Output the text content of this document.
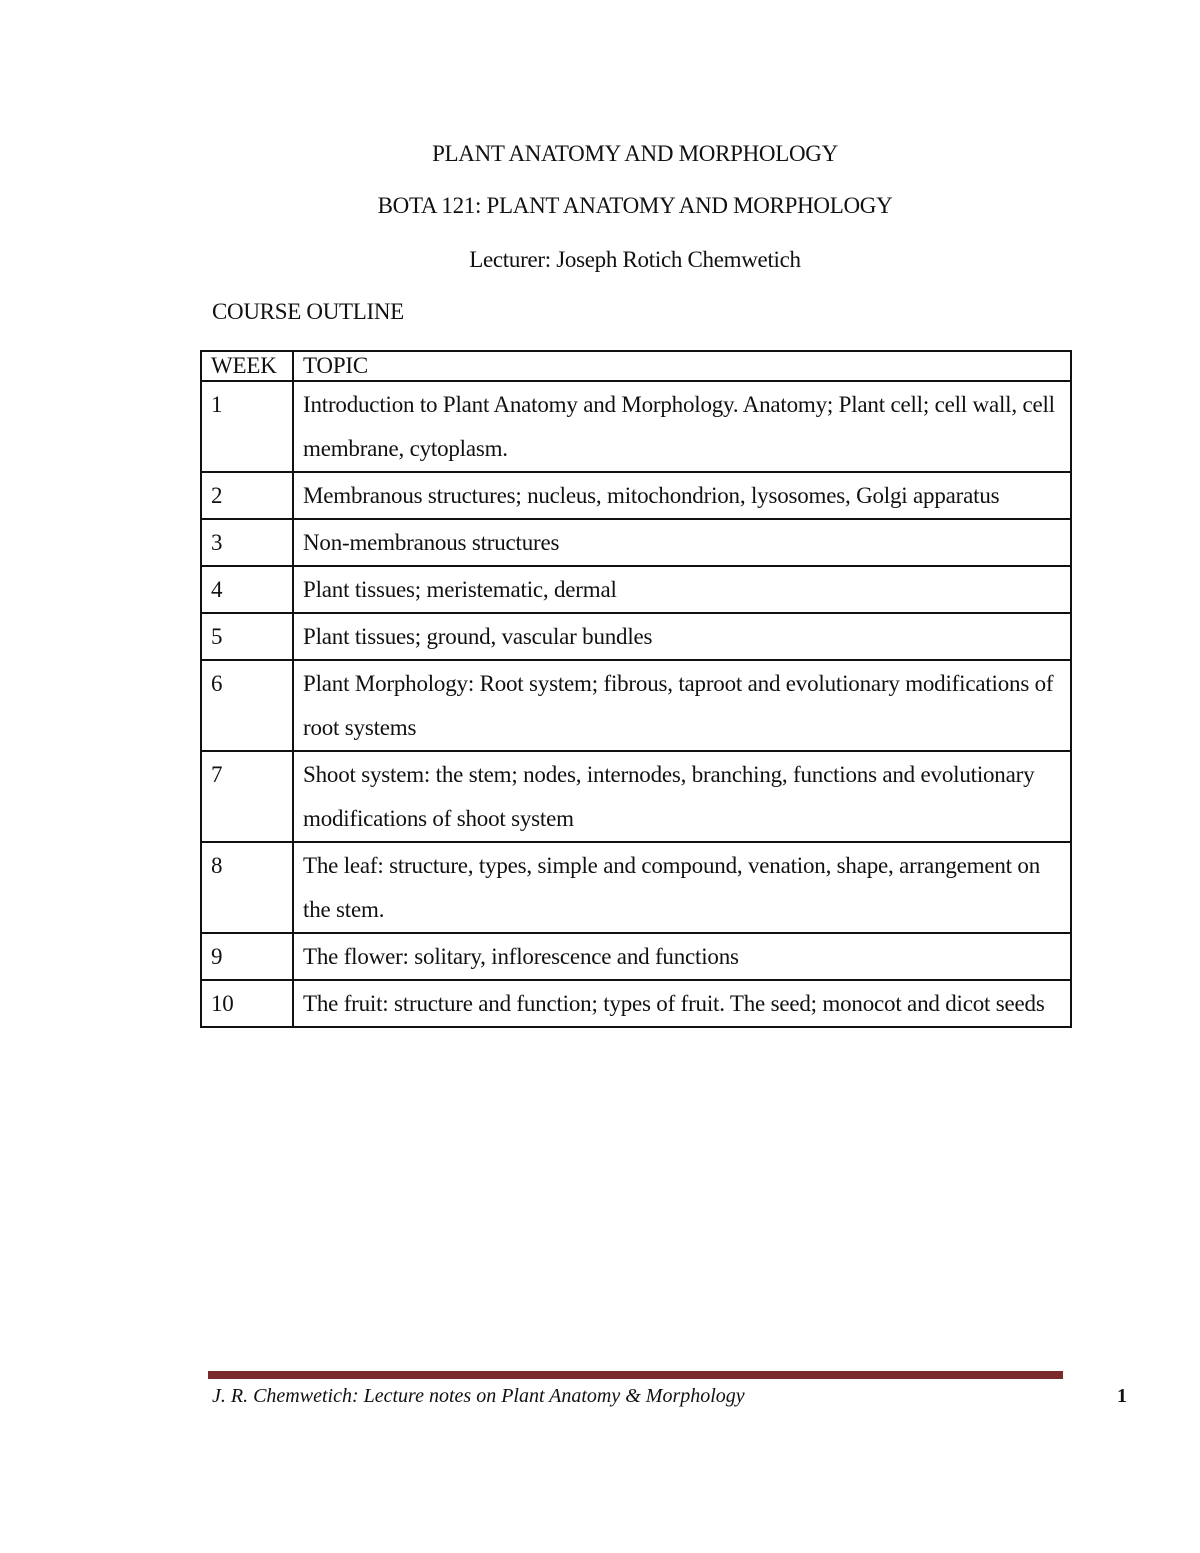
PLANT ANATOMY AND MORPHOLOGY
BOTA 121: PLANT ANATOMY AND MORPHOLOGY
Lecturer: Joseph Rotich Chemwetich
COURSE OUTLINE
WEEK	TOPIC
1	Introduction to Plant Anatomy and Morphology. Anatomy; Plant cell; cell wall, cell membrane, cytoplasm.
2	Membranous structures; nucleus, mitochondrion, lysosomes, Golgi apparatus
3	Non-membranous structures
4	Plant tissues; meristematic, dermal
5	Plant tissues; ground, vascular bundles
6	Plant Morphology: Root system; fibrous, taproot and evolutionary modifications of root systems
7	Shoot system: the stem; nodes, internodes, branching, functions and evolutionary modifications of shoot system
8	The leaf: structure, types, simple and compound, venation, shape, arrangement on the stem.
9	The flower: solitary, inflorescence and functions
10	The fruit: structure and function; types of fruit. The seed; monocot and dicot seeds
J. R. Chemwetich: Lecture notes on Plant Anatomy & Morphology	1
